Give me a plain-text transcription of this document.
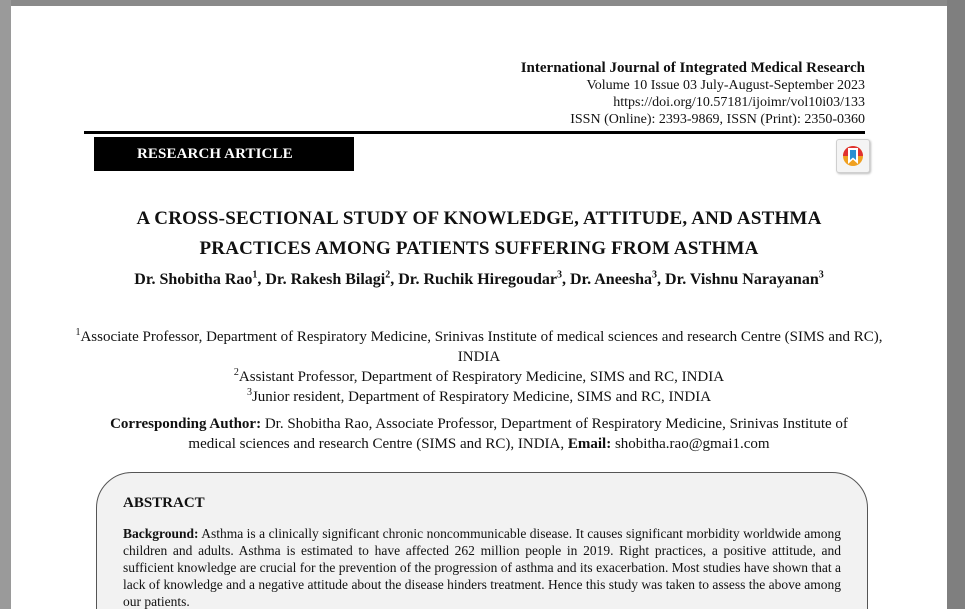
International Journal of Integrated Medical Research
Volume 10 Issue 03 July-August-September 2023
https://doi.org/10.57181/ijoimr/vol10i03/133
ISSN (Online): 2393-9869, ISSN (Print): 2350-0360
RESEARCH ARTICLE
A CROSS-SECTIONAL STUDY OF KNOWLEDGE, ATTITUDE, AND ASTHMA
PRACTICES AMONG PATIENTS SUFFERING FROM ASTHMA
Dr. Shobitha Rao$^1$, Dr. Rakesh Bilagi$^2$, Dr. Ruchik Hiregoudar$^3$, Dr. Aneesha$^3$, Dr. Vishnu Narayanan$^3$
$^1$Associate Professor, Department of Respiratory Medicine, Srinivas Institute of medical sciences and research Centre (SIMS and RC), INDIA
$^2$Assistant Professor, Department of Respiratory Medicine, SIMS and RC, INDIA
$^3$Junior resident, Department of Respiratory Medicine, SIMS and RC, INDIA
Corresponding Author: Dr. Shobitha Rao, Associate Professor, Department of Respiratory Medicine, Srinivas Institute of medical sciences and research Centre (SIMS and RC), INDIA, Email: shobitha.rao@gmai1.com
ABSTRACT
Background: Asthma is a clinically significant chronic noncommunicable disease. It causes significant morbidity worldwide among children and adults. Asthma is estimated to have affected 262 million people in 2019. Right practices, a positive attitude, and sufficient knowledge are crucial for the prevention of the progression of asthma and its exacerbation. Most studies have shown that a lack of knowledge and a negative attitude about the disease hinders treatment. Hence this study was taken to assess the above among our patients.
